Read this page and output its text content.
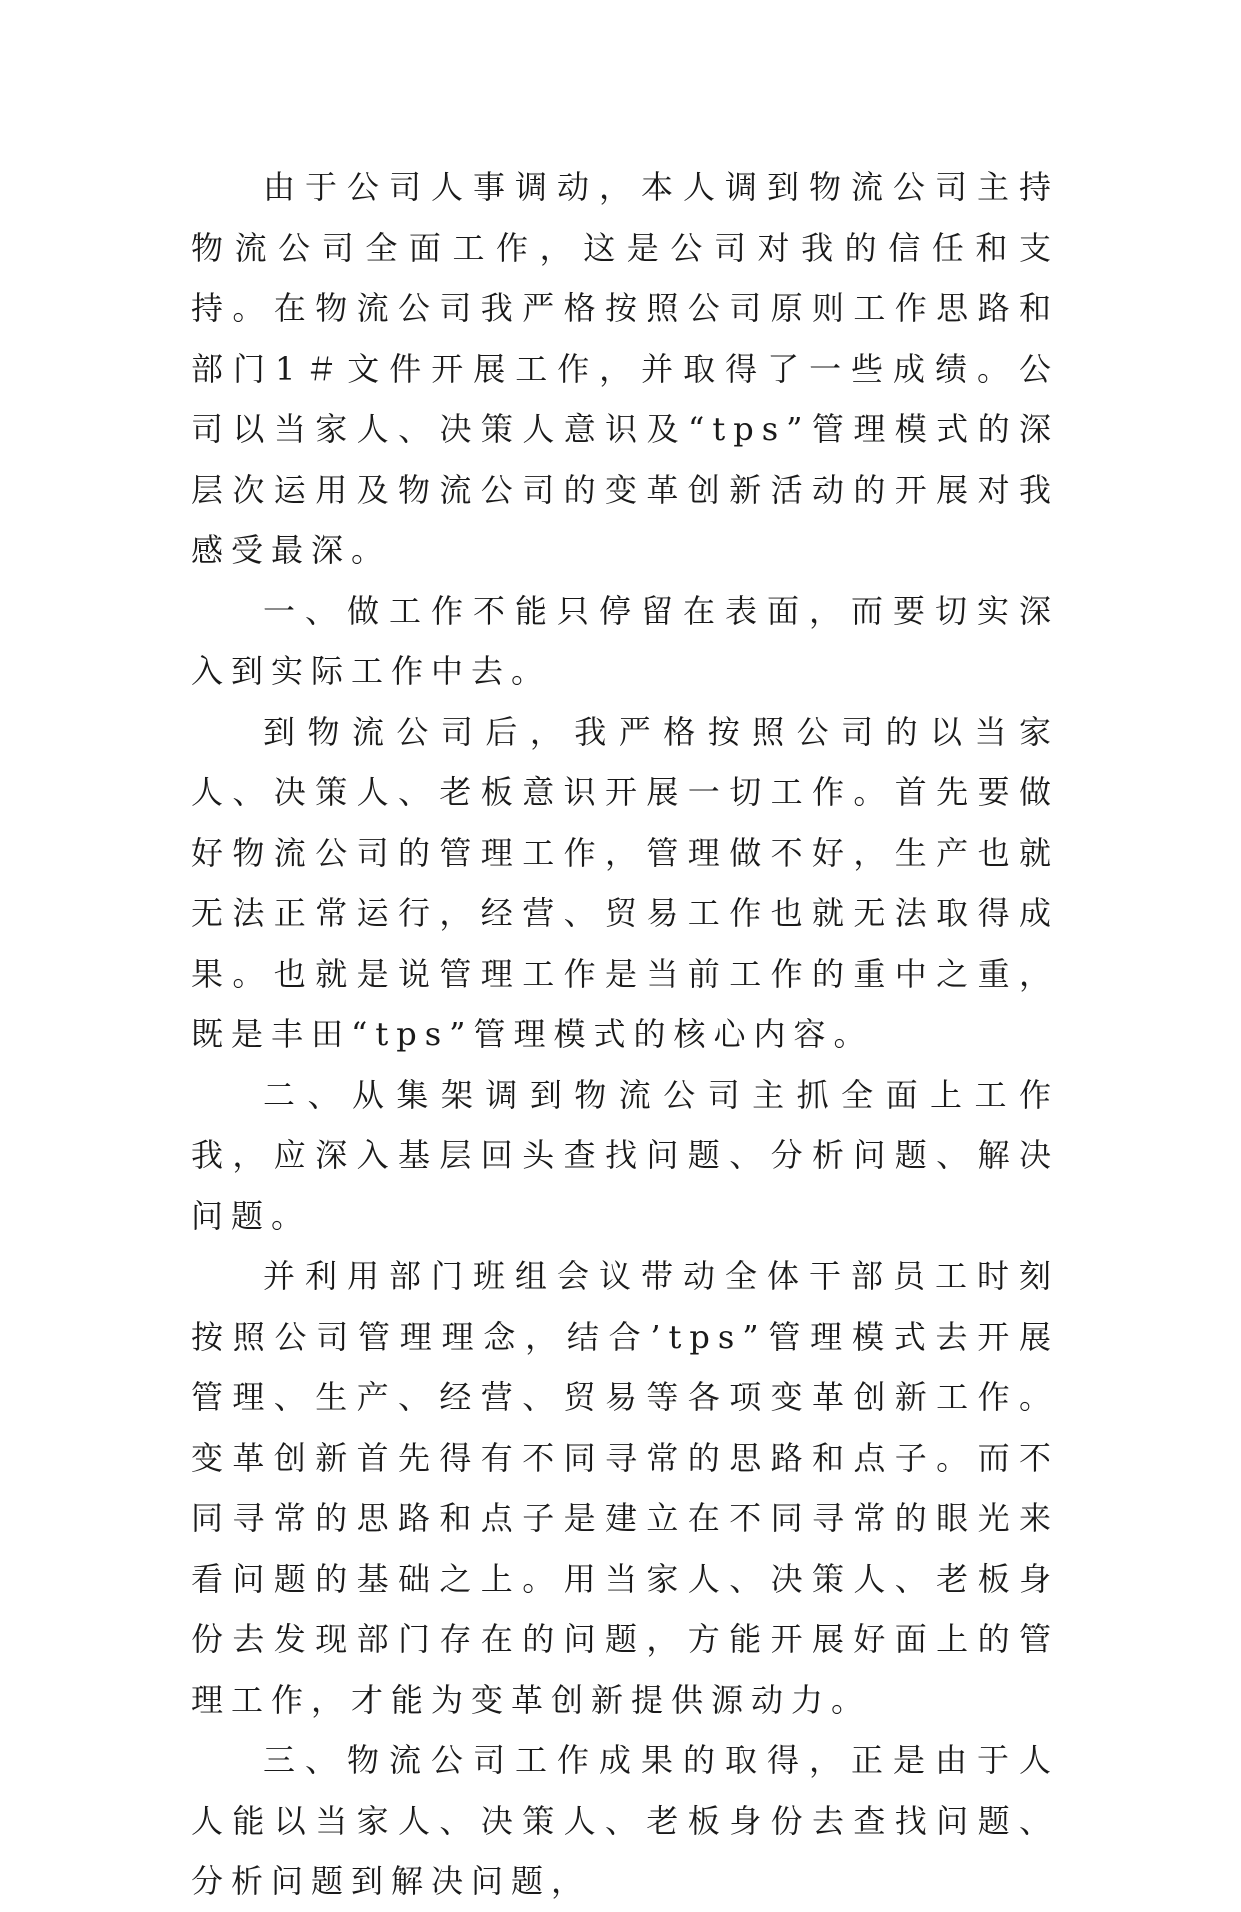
由于公司人事调动，本人调到物流公司主持物流公司全面工作，这是公司对我的信任和支持。在物流公司我严格按照公司原则工作思路和部门1＃文件开展工作，并取得了一些成绩。公司以当家人、决策人意识及“tps”管理模式的深层次运用及物流公司的变革创新活动的开展对我感受最深。

一、做工作不能只停留在表面，而要切实深入到实际工作中去。

到物流公司后，我严格按照公司的以当家人、决策人、老板意识开展一切工作。首先要做好物流公司的管理工作，管理做不好，生产也就无法正常运行，经营、贸易工作也就无法取得成果。也就是说管理工作是当前工作的重中之重，既是丰田“tps”管理模式的核心内容。

二、从集架调到物流公司主抓全面上工作我，应深入基层回头查找问题、分析问题、解决问题。

并利用部门班组会议带动全体干部员工时刻按照公司管理理念，结合’tps”管理模式去开展管理、生产、经营、贸易等各项变革创新工作。变革创新首先得有不同寻常的思路和点子。而不同寻常的思路和点子是建立在不同寻常的眼光来看问题的基础之上。用当家人、决策人、老板身份去发现部门存在的问题，方能开展好面上的管理工作，才能为变革创新提供源动力。

三、物流公司工作成果的取得，正是由于人人能以当家人、决策人、老板身份去查找问题、分析问题到解决问题，
